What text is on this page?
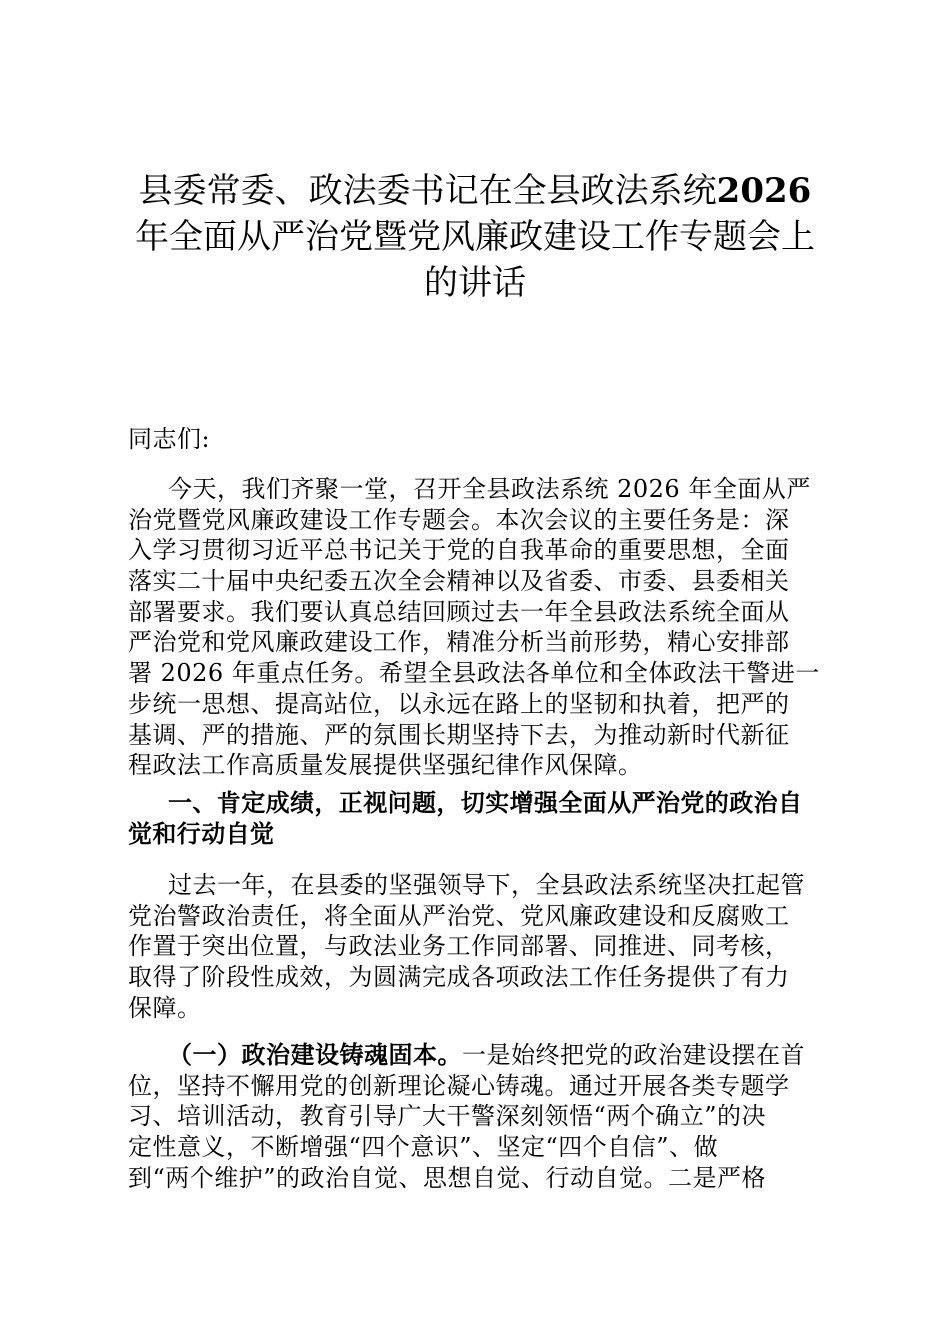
县委常委、政法委书记在全县政法系统2026
年全面从严治党暨党风廉政建设工作专题会上
的讲话
同志们:
今天，我们齐聚一堂，召开全县政法系统 2026 年全面从严
治党暨党风廉政建设工作专题会。本次会议的主要任务是：深
入学习贯彻习近平总书记关于党的自我革命的重要思想，全面
落实二十届中央纪委五次全会精神以及省委、市委、县委相关
部署要求。我们要认真总结回顾过去一年全县政法系统全面从
严治党和党风廉政建设工作，精准分析当前形势，精心安排部
署 2026 年重点任务。希望全县政法各单位和全体政法干警进一
步统一思想、提高站位，以永远在路上的坚韧和执着，把严的
基调、严的措施、严的氛围长期坚持下去，为推动新时代新征
程政法工作高质量发展提供坚强纪律作风保障。
一、肯定成绩，正视问题，切实增强全面从严治党的政治自
觉和行动自觉
过去一年，在县委的坚强领导下，全县政法系统坚决扛起管
党治警政治责任，将全面从严治党、党风廉政建设和反腐败工
作置于突出位置，与政法业务工作同部署、同推进、同考核，
取得了阶段性成效，为圆满完成各项政法工作任务提供了有力
保障。
（一）政治建设铸魂固本。一是始终把党的政治建设摆在首
位，坚持不懈用党的创新理论凝心铸魂。通过开展各类专题学
习、培训活动，教育引导广大干警深刻领悟“两个确立”的决
定性意义，不断增强“四个意识”、坚定“四个自信”、做
到“两个维护”的政治自觉、思想自觉、行动自觉。二是严格
